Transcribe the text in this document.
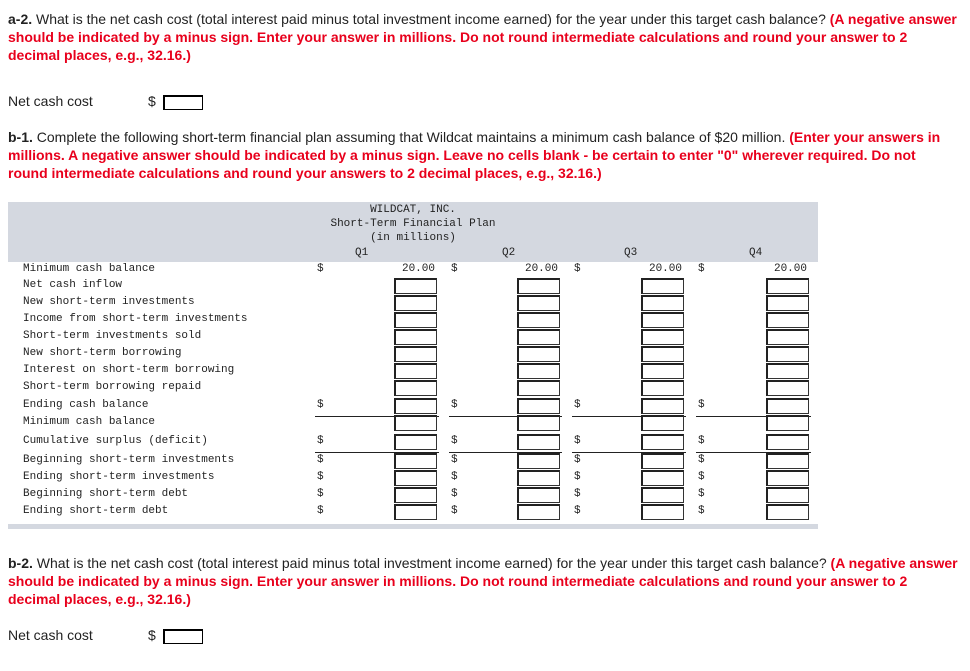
a-2. What is the net cash cost (total interest paid minus total investment income earned) for the year under this target cash balance? (A negative answer should be indicated by a minus sign. Enter your answer in millions. Do not round intermediate calculations and round your answer to 2 decimal places, e.g., 32.16.)
Net cash cost	$
b-1. Complete the following short-term financial plan assuming that Wildcat maintains a minimum cash balance of $20 million. (Enter your answers in millions. A negative answer should be indicated by a minus sign. Leave no cells blank - be certain to enter "0" wherever required. Do not round intermediate calculations and round your answers to 2 decimal places, e.g., 32.16.)
WILDCAT, INC.
Short-Term Financial Plan
(in millions)
Q1	Q2	Q3	Q4
Minimum cash balance	$	20.00 $	20.00 $	20.00 $	20.00
Net cash inflow
New short-term investments
Income from short-term investments
Short-term investments sold
New short-term borrowing
Interest on short-term borrowing
Short-term borrowing repaid
Ending cash balance	$	$	$	$
Minimum cash balance
Cumulative surplus (deficit)	$	$	$	$
Beginning short-term investments	$	$	$	$
Ending short-term investments	$	$	$	$
Beginning short-term debt	$	$	$	$
Ending short-term debt	$	$	$	$
b-2. What is the net cash cost (total interest paid minus total investment income earned) for the year under this target cash balance? (A negative answer should be indicated by a minus sign. Enter your answer in millions. Do not round intermediate calculations and round your answer to 2 decimal places, e.g., 32.16.)
Net cash cost	$
